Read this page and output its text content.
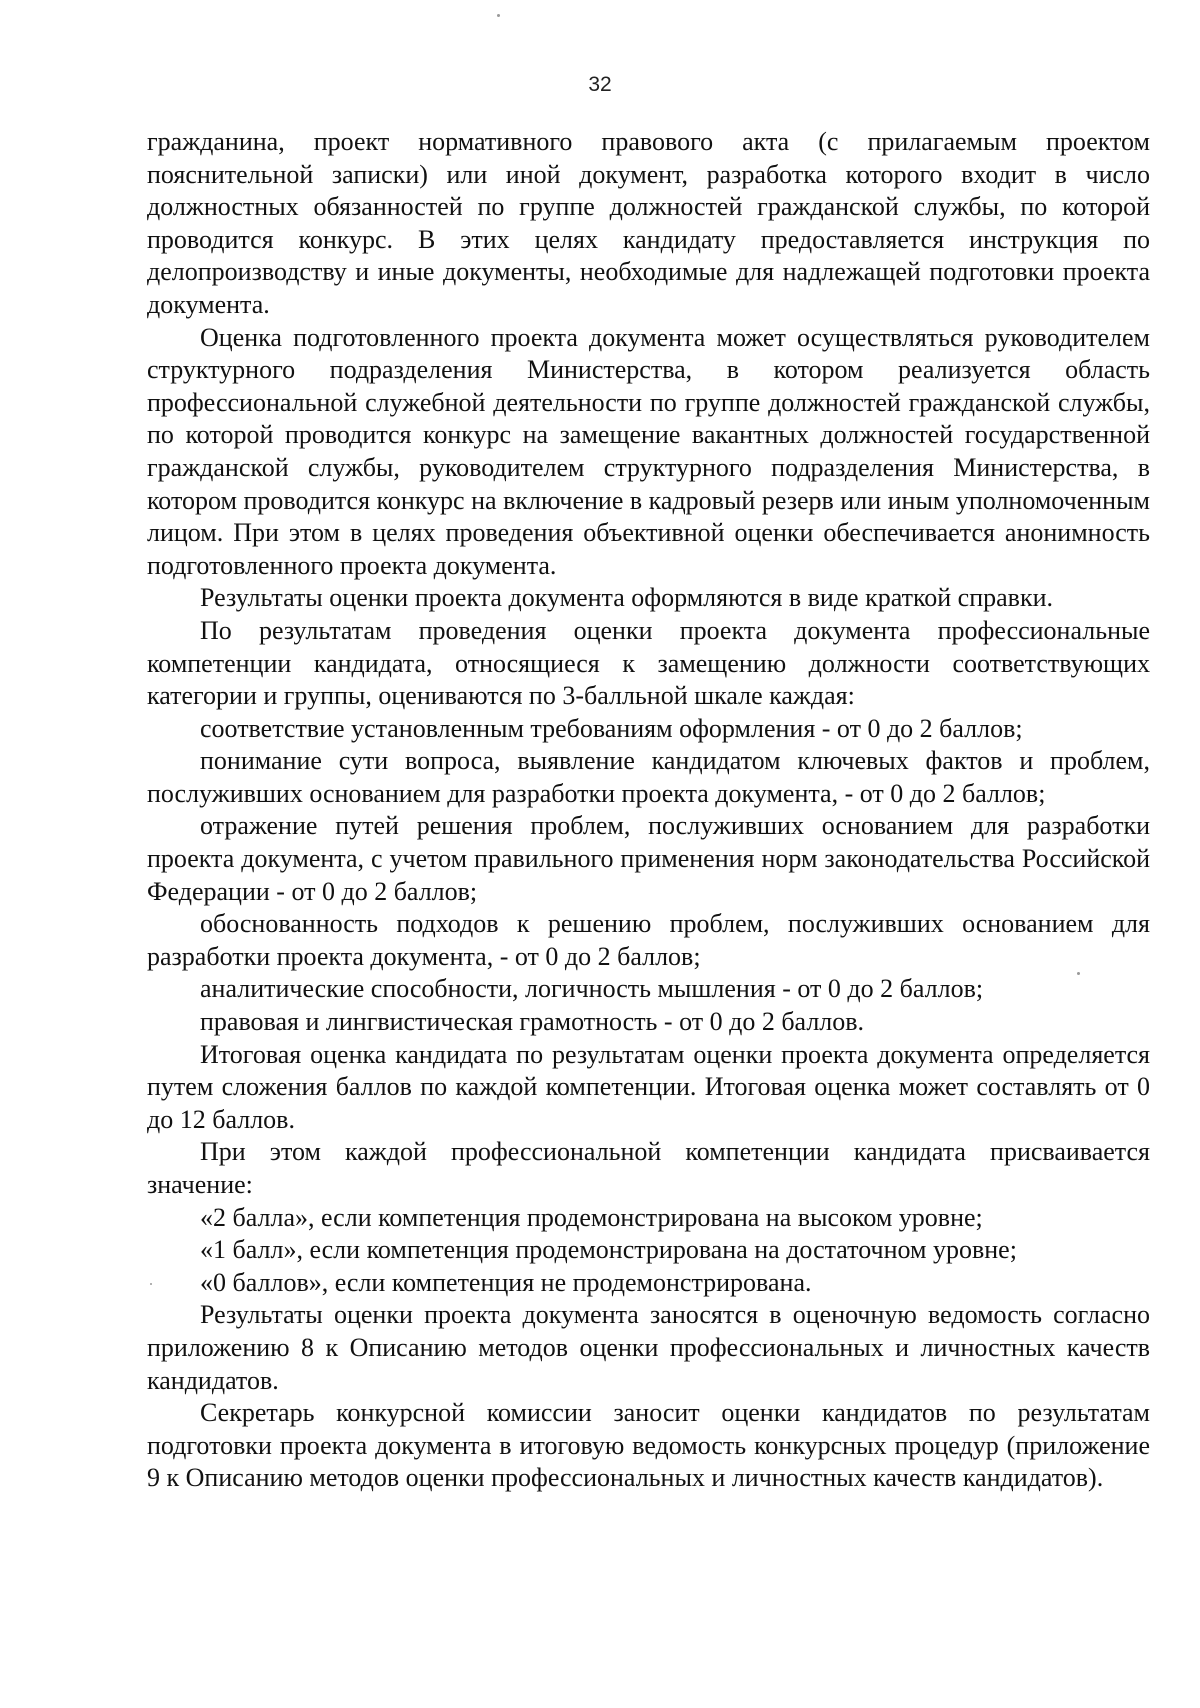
32

гражданина, проект нормативного правового акта (с прилагаемым проектом пояснительной записки) или иной документ, разработка которого входит в число должностных обязанностей по группе должностей гражданской службы, по которой проводится конкурс. В этих целях кандидату предоставляется инструкция по делопроизводству и иные документы, необходимые для надлежащей подготовки проекта документа.

Оценка подготовленного проекта документа может осуществляться руководителем структурного подразделения Министерства, в котором реализуется область профессиональной служебной деятельности по группе должностей гражданской службы, по которой проводится конкурс на замещение вакантных должностей государственной гражданской службы, руководителем структурного подразделения Министерства, в котором проводится конкурс на включение в кадровый резерв или иным уполномоченным лицом. При этом в целях проведения объективной оценки обеспечивается анонимность подготовленного проекта документа.

Результаты оценки проекта документа оформляются в виде краткой справки.

По результатам проведения оценки проекта документа профессиональные компетенции кандидата, относящиеся к замещению должности соответствующих категории и группы, оцениваются по 3-балльной шкале каждая:

соответствие установленным требованиям оформления - от 0 до 2 баллов;

понимание сути вопроса, выявление кандидатом ключевых фактов и проблем, послуживших основанием для разработки проекта документа, - от 0 до 2 баллов;

отражение путей решения проблем, послуживших основанием для разработки проекта документа, с учетом правильного применения норм законодательства Российской Федерации - от 0 до 2 баллов;

обоснованность подходов к решению проблем, послуживших основанием для разработки проекта документа, - от 0 до 2 баллов;

аналитические способности, логичность мышления - от 0 до 2 баллов;

правовая и лингвистическая грамотность - от 0 до 2 баллов.

Итоговая оценка кандидата по результатам оценки проекта документа определяется путем сложения баллов по каждой компетенции. Итоговая оценка может составлять от 0 до 12 баллов.

При этом каждой профессиональной компетенции кандидата присваивается значение:

«2 балла», если компетенция продемонстрирована на высоком уровне;

«1 балл», если компетенция продемонстрирована на достаточном уровне;

«0 баллов», если компетенция не продемонстрирована.

Результаты оценки проекта документа заносятся в оценочную ведомость согласно приложению 8 к Описанию методов оценки профессиональных и личностных качеств кандидатов.

Секретарь конкурсной комиссии заносит оценки кандидатов по результатам подготовки проекта документа в итоговую ведомость конкурсных процедур (приложение 9 к Описанию методов оценки профессиональных и личностных качеств кандидатов).
